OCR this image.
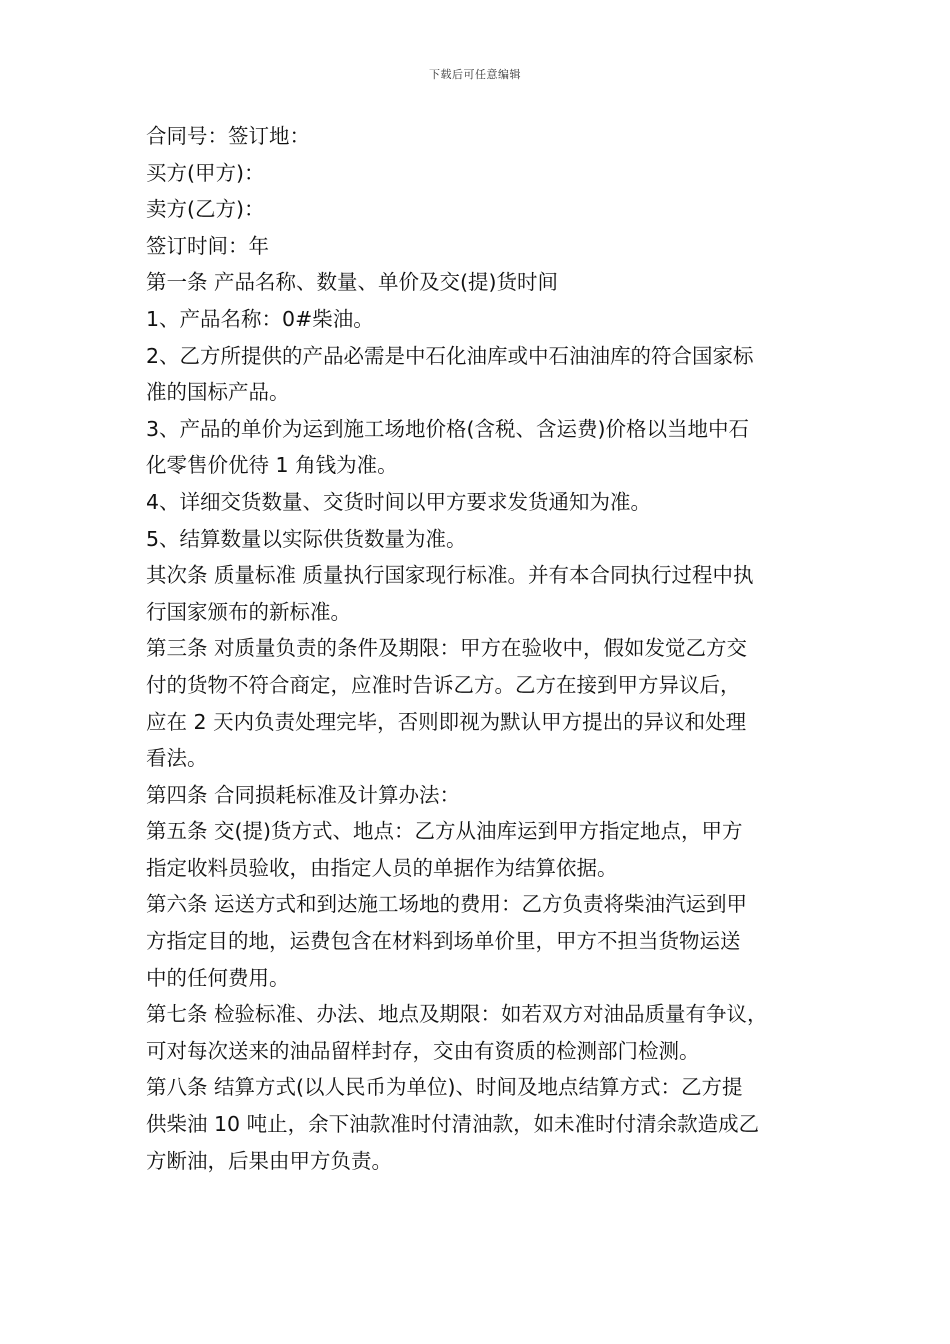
下载后可任意编辑
合同号：签订地：
买方(甲方)：
卖方(乙方)：
签订时间：年
第一条 产品名称、数量、单价及交(提)货时间
1、产品名称：0#柴油。
2、乙方所提供的产品必需是中石化油库或中石油油库的符合国家标
准的国标产品。
3、产品的单价为运到施工场地价格(含税、含运费)价格以当地中石
化零售价优待 1 角钱为准。
4、详细交货数量、交货时间以甲方要求发货通知为准。
5、结算数量以实际供货数量为准。
其次条 质量标准 质量执行国家现行标准。并有本合同执行过程中执
行国家颁布的新标准。
第三条 对质量负责的条件及期限：甲方在验收中，假如发觉乙方交
付的货物不符合商定，应准时告诉乙方。乙方在接到甲方异议后，
应在 2 天内负责处理完毕，否则即视为默认甲方提出的异议和处理
看法。
第四条 合同损耗标准及计算办法：
第五条 交(提)货方式、地点：乙方从油库运到甲方指定地点，甲方
指定收料员验收，由指定人员的单据作为结算依据。
第六条 运送方式和到达施工场地的费用：乙方负责将柴油汽运到甲
方指定目的地，运费包含在材料到场单价里，甲方不担当货物运送
中的任何费用。
第七条 检验标准、办法、地点及期限：如若双方对油品质量有争议，
可对每次送来的油品留样封存，交由有资质的检测部门检测。
第八条 结算方式(以人民币为单位)、时间及地点结算方式：乙方提
供柴油 10 吨止，余下油款准时付清油款，如未准时付清余款造成乙
方断油，后果由甲方负责。
